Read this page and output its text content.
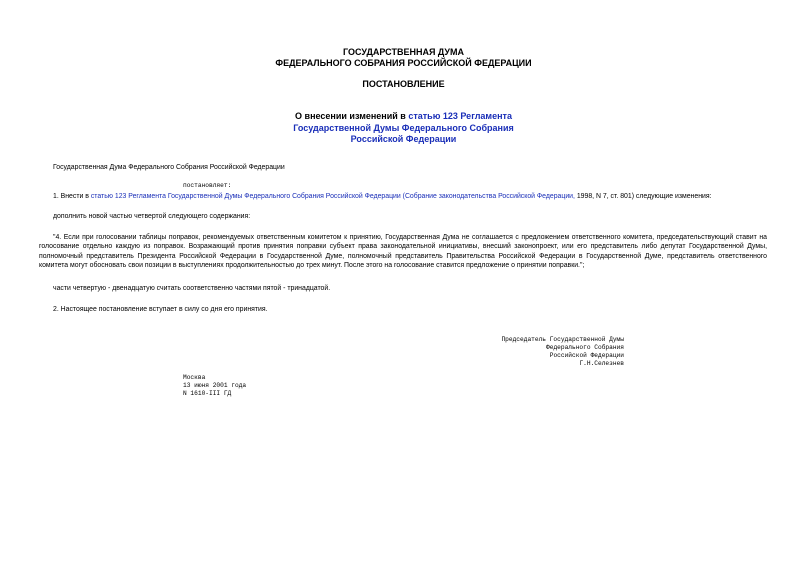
ГОСУДАРСТВЕННАЯ ДУМА
ФЕДЕРАЛЬНОГО СОБРАНИЯ РОССИЙСКОЙ ФЕДЕРАЦИИ
ПОСТАНОВЛЕНИЕ
О внесении изменений в статью 123 Регламента
Государственной Думы Федерального Собрания
Российской Федерации
Государственная Дума Федерального Собрания Российской Федерации
постановляет:
1. Внести в статью 123 Регламента Государственной Думы Федерального Собрания Российской Федерации (Собрание законодательства Российской Федерации, 1998, N 7, ст. 801) следующие изменения:
дополнить новой частью четвертой следующего содержания:
"4. Если при голосовании таблицы поправок, рекомендуемых ответственным комитетом к принятию, Государственная Дума не соглашается с предложением ответственного комитета, председательствующий ставит на голосование отдельно каждую из поправок. Возражающий против принятия поправки субъект права законодательной инициативы, внесший законопроект, или его представитель либо депутат Государственной Думы, полномочный представитель Президента Российской Федерации в Государственной Думе, полномочный представитель Правительства Российской Федерации в Государственной Думе, представитель ответственного комитета могут обосновать свои позиции в выступлениях продолжительностью до трех минут. После этого на голосование ставится предложение о принятии поправки.";
части четвертую - двенадцатую считать соответственно частями пятой - тринадцатой.
2. Настоящее постановление вступает в силу со дня его принятия.
Председатель Государственной Думы
Федерального Собрания
Российской Федерации
Г.Н.Селезнев
Москва
13 июня 2001 года
N 1610-III ГД
